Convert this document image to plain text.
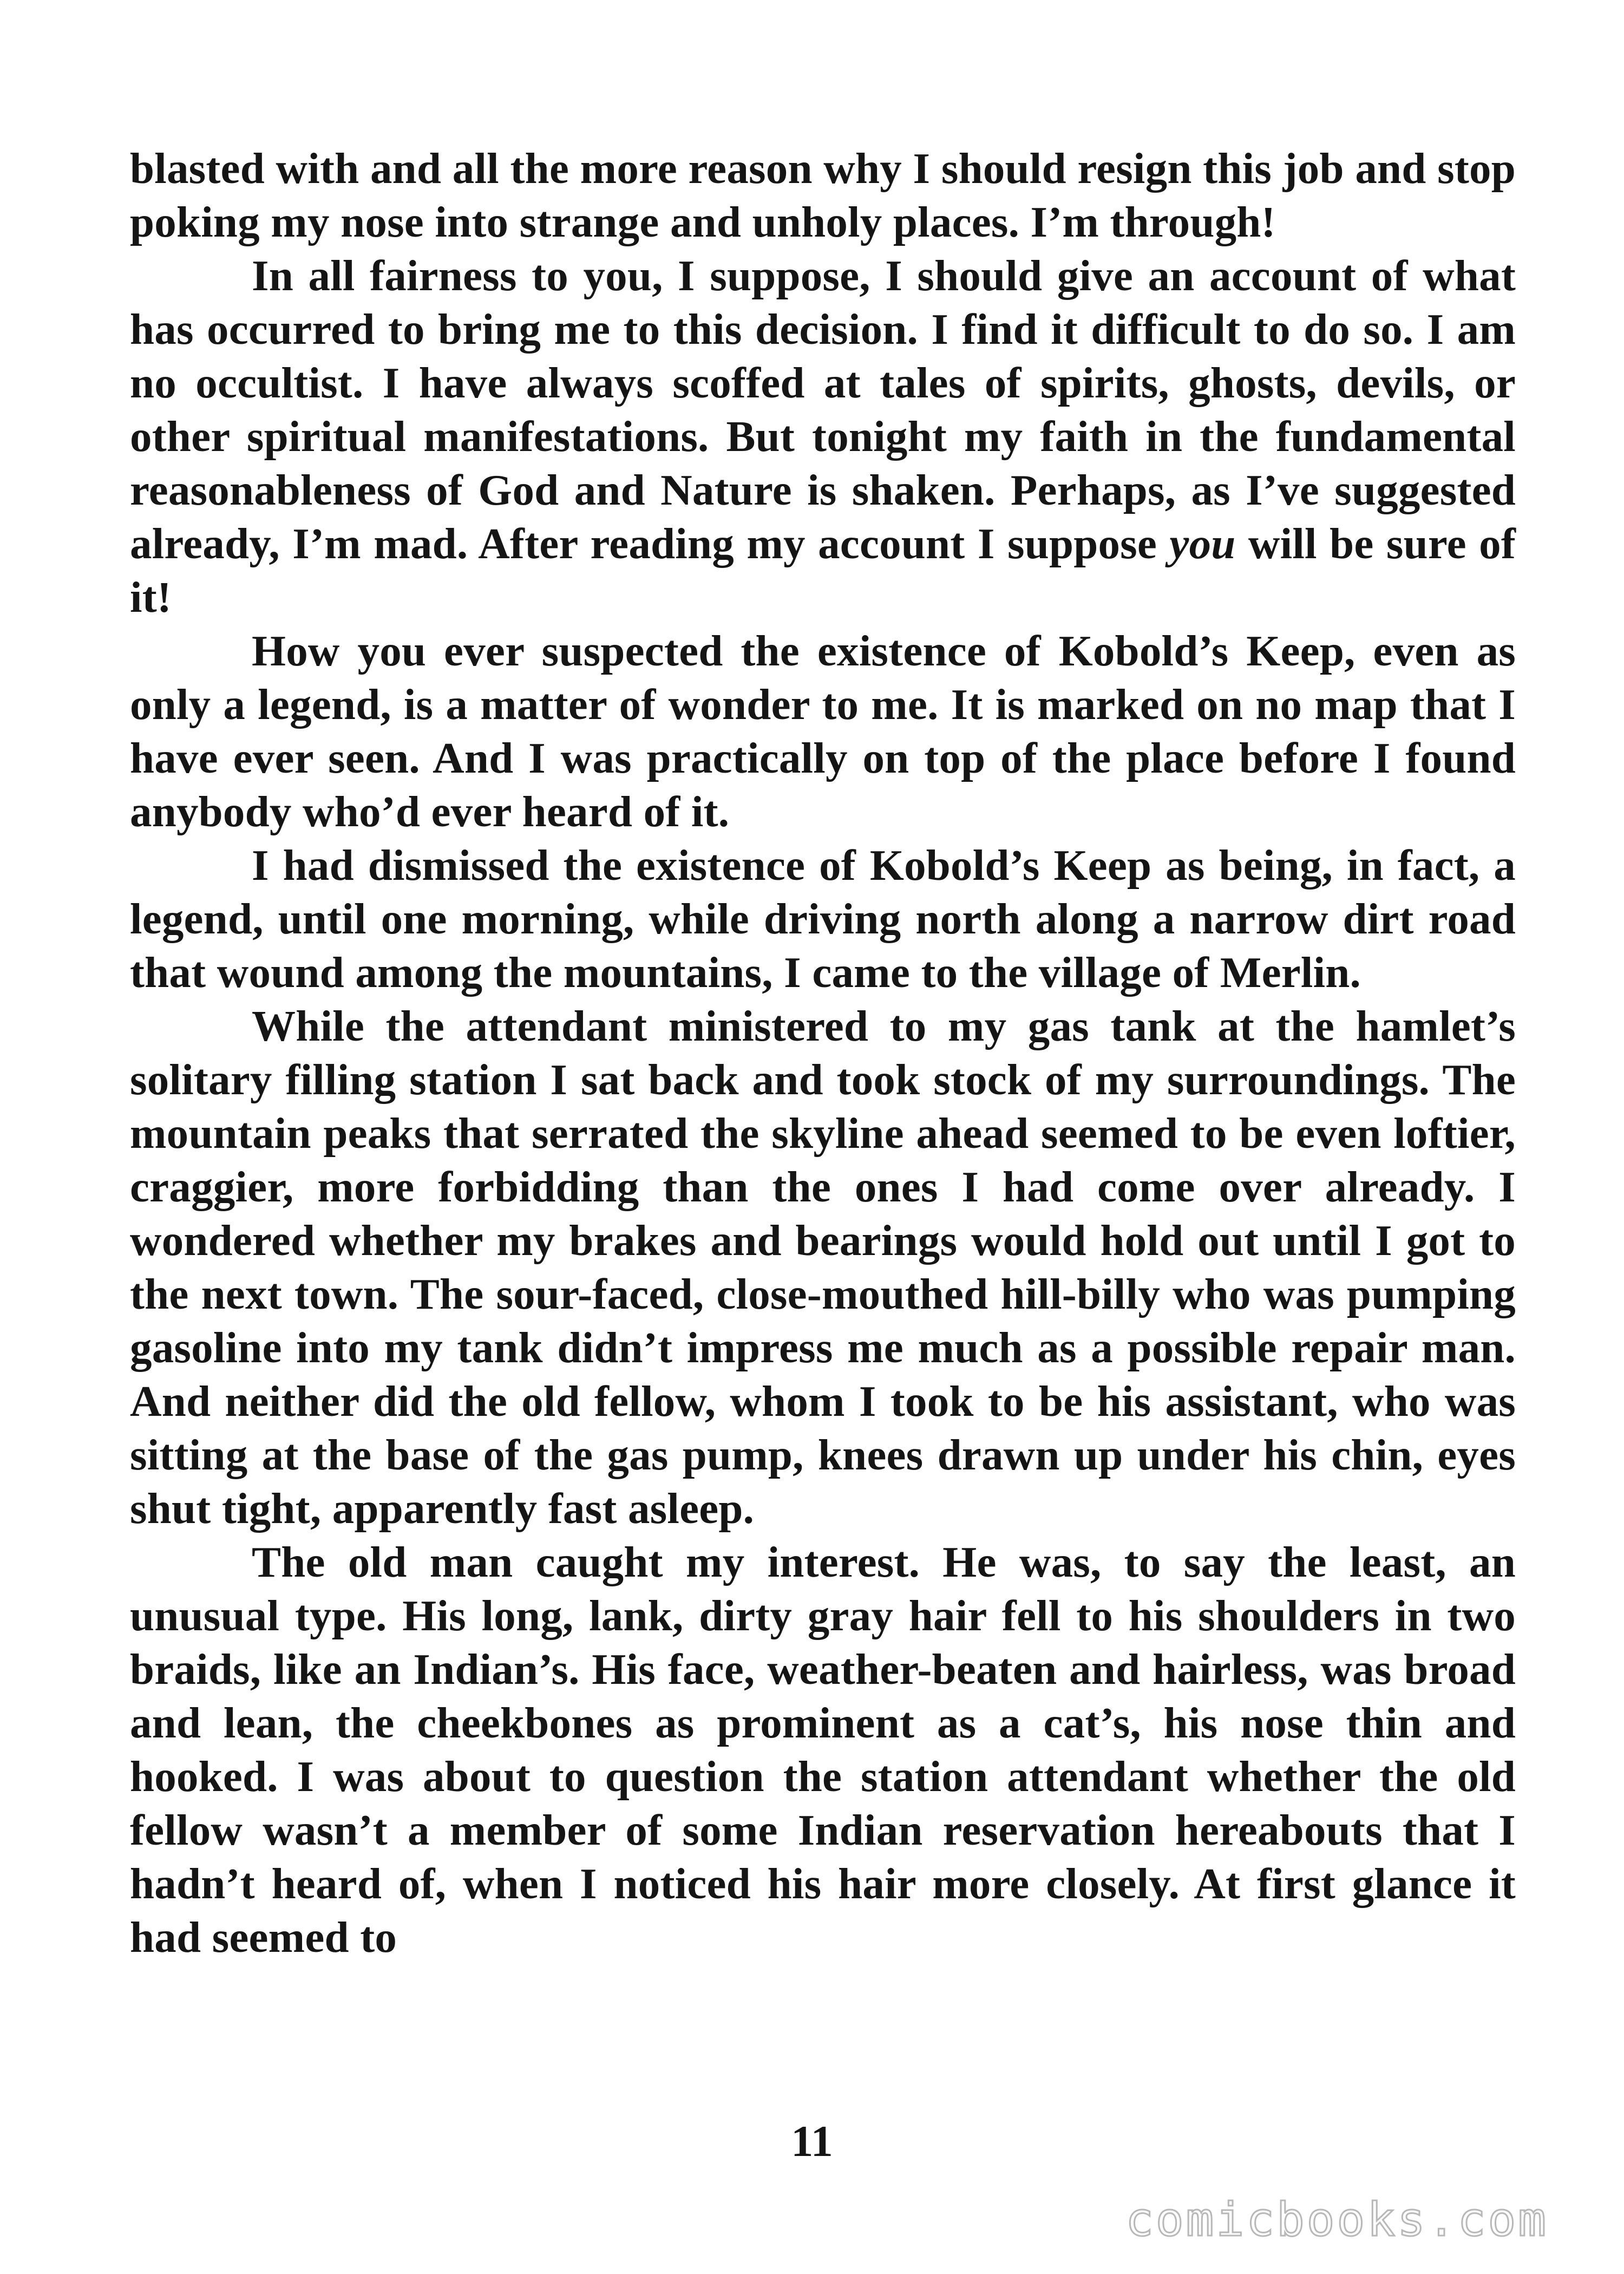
blasted with and all the more reason why I should resign this job and stop poking my nose into strange and unholy places. I’m through!

In all fairness to you, I suppose, I should give an account of what has occurred to bring me to this decision. I find it difficult to do so. I am no occultist. I have always scoffed at tales of spirits, ghosts, devils, or other spiritual manifestations. But tonight my faith in the fundamental reasonableness of God and Nature is shaken. Perhaps, as I’ve suggested already, I’m mad. After reading my account I suppose you will be sure of it!

How you ever suspected the existence of Kobold’s Keep, even as only a legend, is a matter of wonder to me. It is marked on no map that I have ever seen. And I was practically on top of the place before I found anybody who’d ever heard of it.

I had dismissed the existence of Kobold’s Keep as being, in fact, a legend, until one morning, while driving north along a narrow dirt road that wound among the mountains, I came to the village of Merlin.

While the attendant ministered to my gas tank at the hamlet’s solitary filling station I sat back and took stock of my surroundings. The mountain peaks that serrated the skyline ahead seemed to be even loftier, craggier, more forbidding than the ones I had come over already. I wondered whether my brakes and bearings would hold out until I got to the next town. The sour-faced, close-mouthed hill-billy who was pumping gasoline into my tank didn’t impress me much as a possible repair man. And neither did the old fellow, whom I took to be his assistant, who was sitting at the base of the gas pump, knees drawn up under his chin, eyes shut tight, apparently fast asleep.

The old man caught my interest. He was, to say the least, an unusual type. His long, lank, dirty gray hair fell to his shoulders in two braids, like an Indian’s. His face, weather-beaten and hairless, was broad and lean, the cheekbones as prominent as a cat’s, his nose thin and hooked. I was about to question the station attendant whether the old fellow wasn’t a member of some Indian reservation hereabouts that I hadn’t heard of, when I noticed his hair more closely. At first glance it had seemed to

11
comicbooks.com
